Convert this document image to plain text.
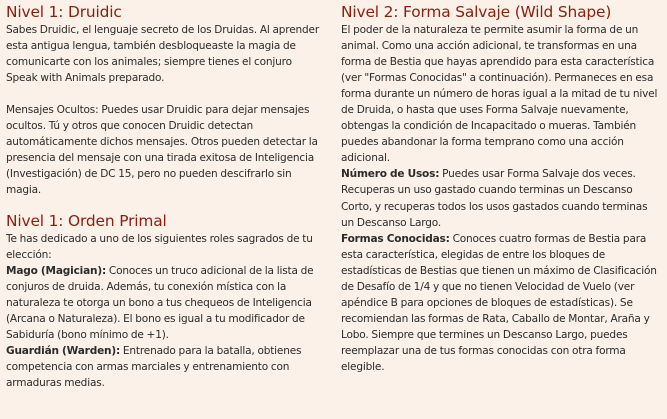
Nivel 1: Druidic

Sabes Druidic, el lenguaje secreto de los Druidas. Al aprender esta antigua lengua, también desbloqueaste la magia de comunicarte con los animales; siempre tienes el conjuro Speak with Animals preparado.

Mensajes Ocultos: Puedes usar Druidic para dejar mensajes ocultos. Tú y otros que conocen Druidic detectan automáticamente dichos mensajes. Otros pueden detectar la presencia del mensaje con una tirada exitosa de Inteligencia (Investigación) de DC 15, pero no pueden descifrarlo sin magia.

Nivel 1: Orden Primal

Te has dedicado a uno de los siguientes roles sagrados de tu elección:

Mago (Magician): Conoces un truco adicional de la lista de conjuros de druida. Además, tu conexión mística con la naturaleza te otorga un bono a tus chequeos de Inteligencia (Arcana o Naturaleza). El bono es igual a tu modificador de Sabiduría (bono mínimo de +1).

Guardián (Warden): Entrenado para la batalla, obtienes competencia con armas marciales y entrenamiento con armaduras medias.

Nivel 2: Forma Salvaje (Wild Shape)

El poder de la naturaleza te permite asumir la forma de un animal. Como una acción adicional, te transformas en una forma de Bestia que hayas aprendido para esta característica (ver "Formas Conocidas" a continuación). Permaneces en esa forma durante un número de horas igual a la mitad de tu nivel de Druida, o hasta que uses Forma Salvaje nuevamente, obtengas la condición de Incapacitado o mueras. También puedes abandonar la forma temprano como una acción adicional.

Número de Usos: Puedes usar Forma Salvaje dos veces. Recuperas un uso gastado cuando terminas un Descanso Corto, y recuperas todos los usos gastados cuando terminas un Descanso Largo.

Formas Conocidas: Conoces cuatro formas de Bestia para esta característica, elegidas de entre los bloques de estadísticas de Bestias que tienen un máximo de Clasificación de Desafío de 1/4 y que no tienen Velocidad de Vuelo (ver apéndice B para opciones de bloques de estadísticas). Se recomiendan las formas de Rata, Caballo de Montar, Araña y Lobo. Siempre que termines un Descanso Largo, puedes reemplazar una de tus formas conocidas con otra forma elegible.
